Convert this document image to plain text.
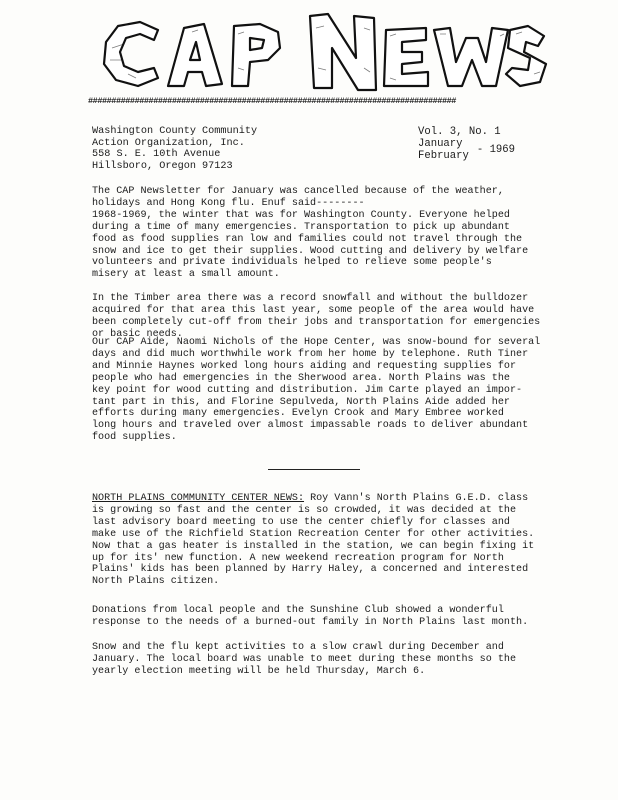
###############################################################################
Washington County Community
Action Organization, Inc.
558 S. E. 10th Avenue
Hillsboro, Oregon 97123
Vol. 3, No. 1
January
February - 1969
The CAP Newsletter for January was cancelled because of the weather,
holidays and Hong Kong flu. Enuf said--------
1968-1969, the winter that was for Washington County. Everyone helped
during a time of many emergencies. Transportation to pick up abundant
food as food supplies ran low and families could not travel through the
snow and ice to get their supplies. Wood cutting and delivery by welfare
volunteers and private individuals helped to relieve some people's
misery at least a small amount.
In the Timber area there was a record snowfall and without the bulldozer
acquired for that area this last year, some people of the area would have
been completely cut-off from their jobs and transportation for emergencies
or basic needs.
Our CAP Aide, Naomi Nichols of the Hope Center, was snow-bound for several
days and did much worthwhile work from her home by telephone. Ruth Tiner
and Minnie Haynes worked long hours aiding and requesting supplies for
people who had emergencies in the Sherwood area. North Plains was the
key point for wood cutting and distribution. Jim Carte played an impor-
tant part in this, and Florine Sepulveda, North Plains Aide added her
efforts during many emergencies. Evelyn Crook and Mary Embree worked
long hours and traveled over almost impassable roads to deliver abundant
food supplies.
NORTH PLAINS COMMUNITY CENTER NEWS: Roy Vann's North Plains G.E.D. class
is growing so fast and the center is so crowded, it was decided at the
last advisory board meeting to use the center chiefly for classes and
make use of the Richfield Station Recreation Center for other activities.
Now that a gas heater is installed in the station, we can begin fixing it
up for its' new function. A new weekend recreation program for North
Plains' kids has been planned by Harry Haley, a concerned and interested
North Plains citizen.
Donations from local people and the Sunshine Club showed a wonderful
response to the needs of a burned-out family in North Plains last month.
Snow and the flu kept activities to a slow crawl during December and
January. The local board was unable to meet during these months so the
yearly election meeting will be held Thursday, March 6.
